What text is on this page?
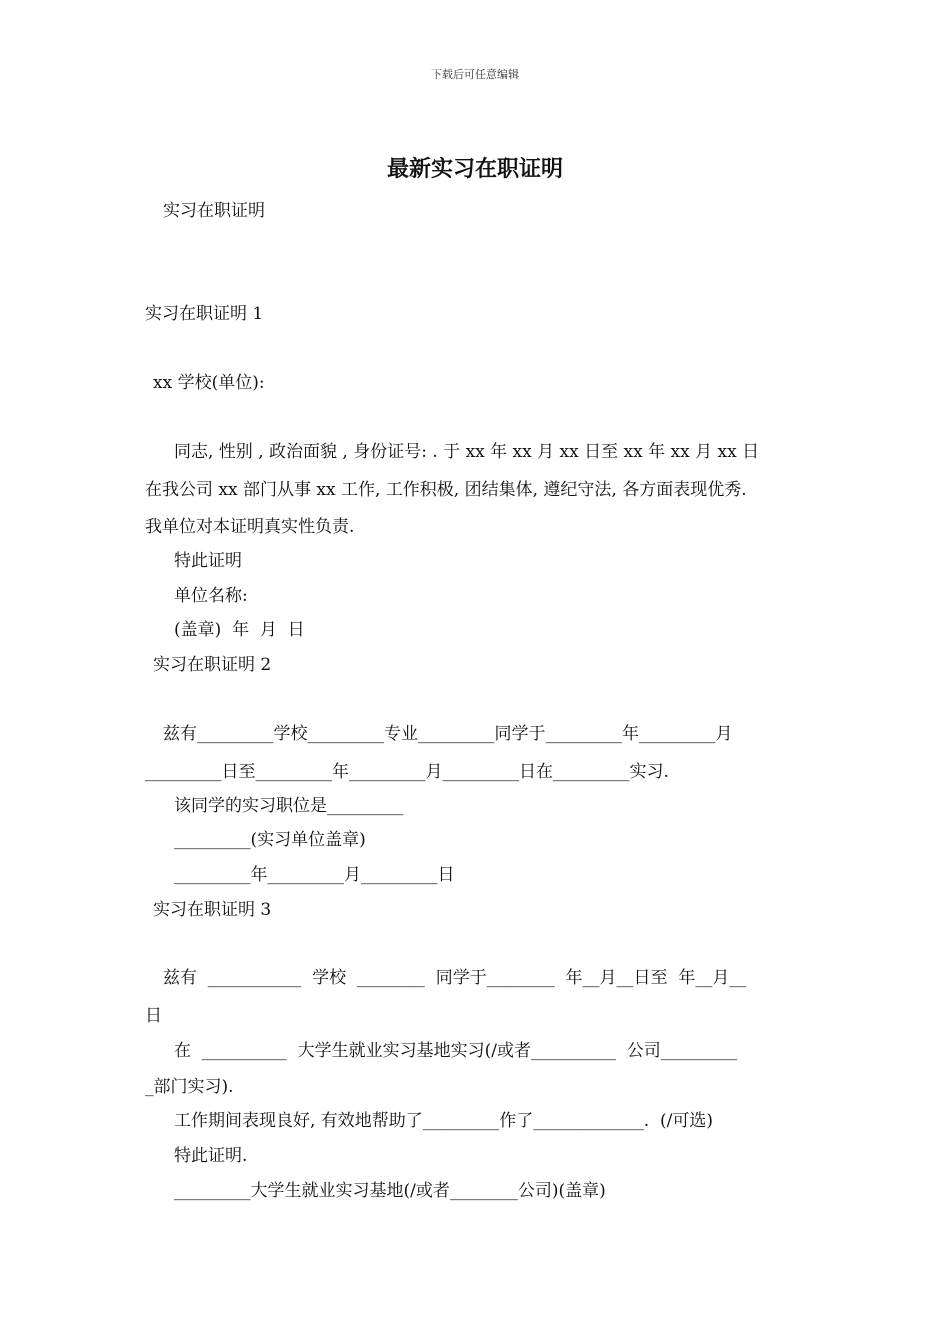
下载后可任意编辑
最新实习在职证明
实习在职证明
实习在职证明 1
xx 学校(单位):
同志, 性别 , 政治面貌 , 身份证号: . 于 xx 年 xx 月 xx 日至 xx 年 xx 月 xx 日
在我公司 xx 部门从事 xx 工作, 工作积极, 团结集体, 遵纪守法, 各方面表现优秀.
我单位对本证明真实性负责.
特此证明
单位名称:
(盖章)  年  月  日
实习在职证明 2
兹有_________学校_________专业_________同学于_________年_________月
_________日至_________年_________月_________日在_________实习.
该同学的实习职位是_________
_________(实习单位盖章)
_________年_________月_________日
实习在职证明 3
兹有  ___________  学校  ________  同学于________  年__月__日至  年__月__
日
在  __________  大学生就业实习基地实习(/或者__________  公司_________
_部门实习).
工作期间表现良好, 有效地帮助了_________作了_____________.  (/可选)
特此证明.
_________大学生就业实习基地(/或者________公司)(盖章)
